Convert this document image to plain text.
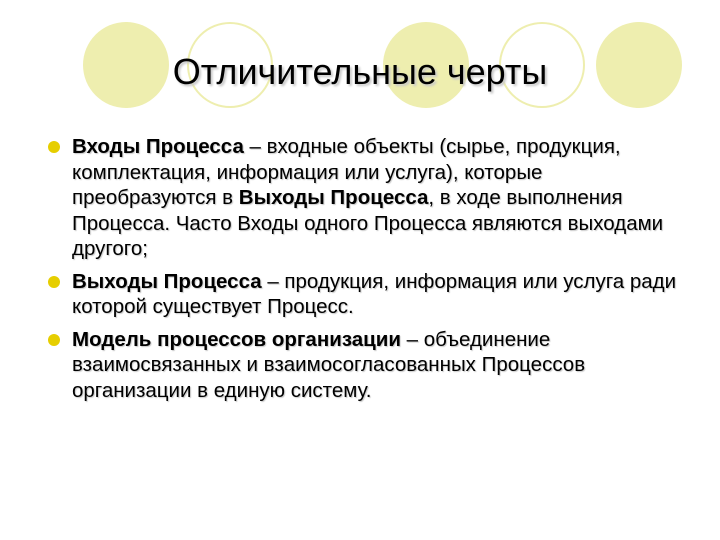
Отличительные черты
Входы Процесса – входные объекты (сырье, продукция, комплектация, информация или услуга), которые преобразуются в Выходы Процесса, в ходе выполнения Процесса. Часто Входы одного Процесса являются выходами другого;
Выходы Процесса – продукция, информация или услуга ради которой существует Процесс.
Модель процессов организации – объединение взаимосвязанных и взаимосогласованных Процессов организации в единую систему.
